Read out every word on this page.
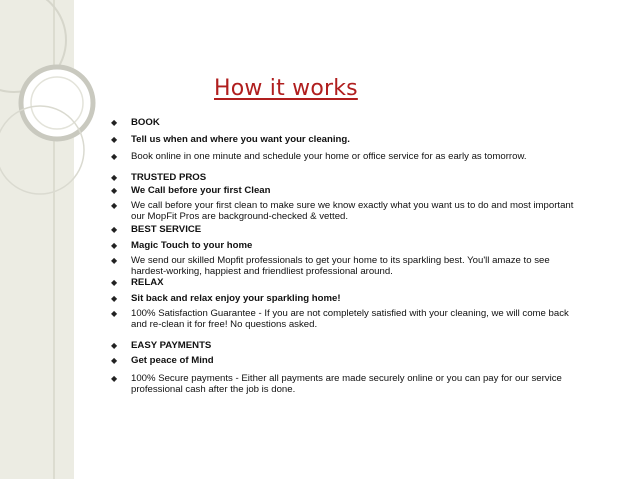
How it works
◆	BOOK
◆	Tell us when and where you want your cleaning.
◆	Book online in one minute and schedule your home or office service for as early as tomorrow.
◆	TRUSTED PROS
◆	We Call before your first Clean
◆	We call before your first clean to make sure we know exactly what you want us to do and most important our MopFit Pros are background-checked & vetted.
◆	BEST SERVICE
◆	Magic Touch to your home
◆	We send our skilled Mopfit professionals to get your home to its sparkling best. You'll amaze to see hardest-working, happiest and friendliest professional around.
◆	RELAX
◆	Sit back and relax enjoy your sparkling home!
◆	100% Satisfaction Guarantee - If you are not completely satisfied with your cleaning, we will come back and re-clean it for free! No questions asked.
◆	EASY PAYMENTS
◆	Get peace of Mind
◆	100% Secure payments - Either all payments are made securely online or you can pay for our service professional cash after the job is done.
